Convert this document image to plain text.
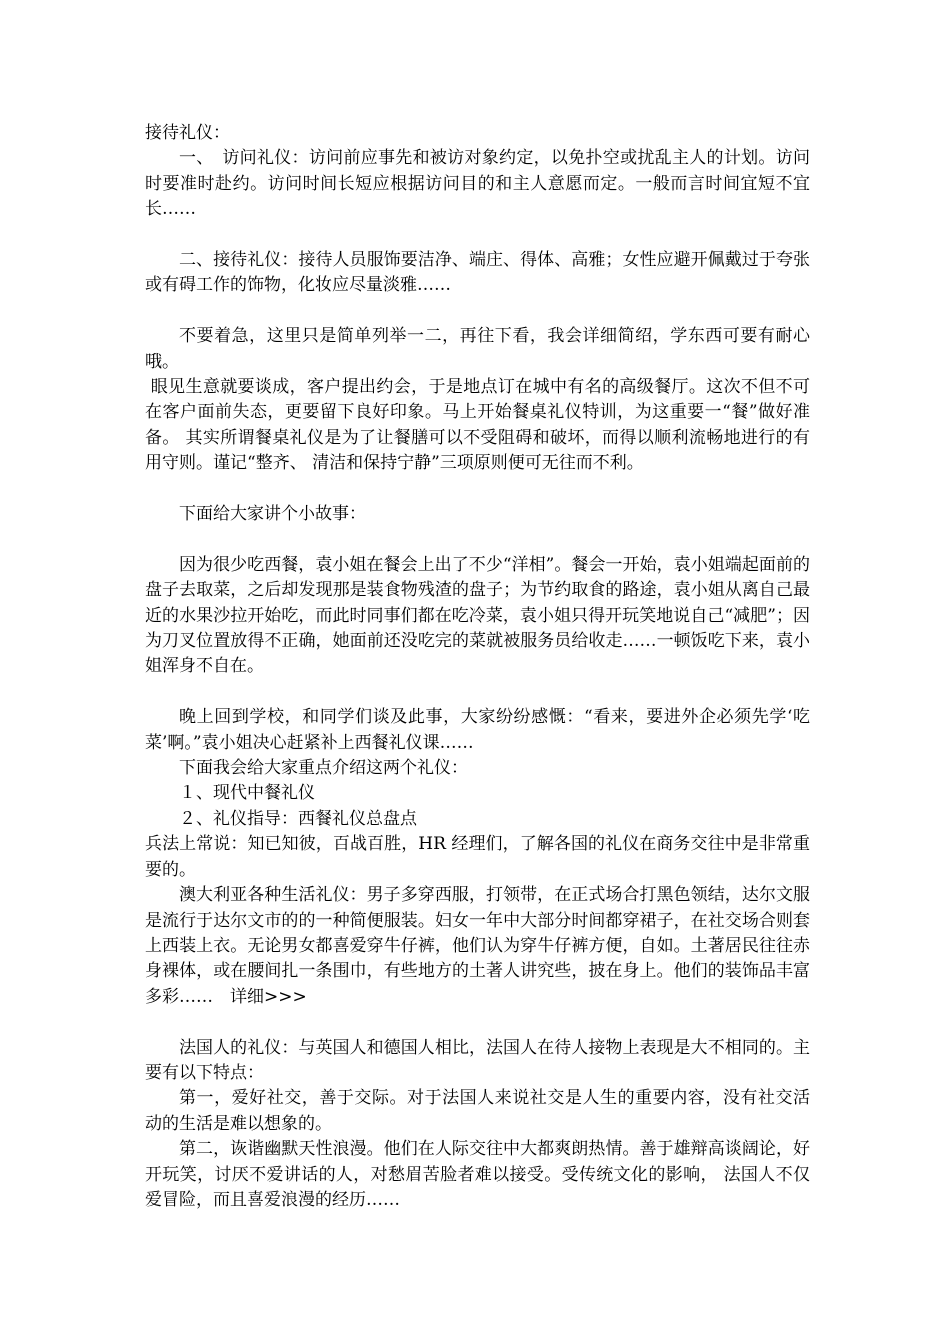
接待礼仪：

一、　访问礼仪：访问前应事先和被访对象约定，以免扑空或扰乱主人的计划。访问时要准时赴约。访问时间长短应根据访问目的和主人意愿而定。一般而言时间宜短不宜长……

二、接待礼仪：接待人员服饰要洁净、端庄、得体、高雅；女性应避开佩戴过于夸张或有碍工作的饰物，化妆应尽量淡雅……

不要着急，这里只是简单列举一二，再往下看，我会详细简绍，学东西可要有耐心哦。

眼见生意就要谈成，客户提出约会，于是地点订在城中有名的高级餐厅。这次不但不可在客户面前失态，更要留下良好印象。马上开始餐桌礼仪特训，为这重要一“餐”做好准备。 其实所谓餐桌礼仪是为了让餐膳可以不受阻碍和破坏，而得以顺利流畅地进行的有用守则。谨记“整齐、 清洁和保持宁静”三项原则便可无往而不利。

下面给大家讲个小故事：

因为很少吃西餐，袁小姐在餐会上出了不少“洋相”。餐会一开始，袁小姐端起面前的盘子去取菜，之后却发现那是装食物残渣的盘子；为节约取食的路途，袁小姐从离自己最近的水果沙拉开始吃，而此时同事们都在吃冷菜，袁小姐只得开玩笑地说自己“减肥”；因为刀叉位置放得不正确，她面前还没吃完的菜就被服务员给收走……一顿饭吃下来，袁小姐浑身不自在。

晚上回到学校，和同学们谈及此事，大家纷纷感慨：“看来，要进外企必须先学‘吃菜’啊。”袁小姐决心赶紧补上西餐礼仪课……

下面我会给大家重点介绍这两个礼仪：

１、现代中餐礼仪

２、礼仪指导：西餐礼仪总盘点

兵法上常说：知已知彼，百战百胜，HR 经理们，了解各国的礼仪在商务交往中是非常重要的。

澳大利亚各种生活礼仪：男子多穿西服，打领带，在正式场合打黑色领结，达尔文服是流行于达尔文市的的一种简便服装。妇女一年中大部分时间都穿裙子，在社交场合则套上西装上衣。无论男女都喜爱穿牛仔裤，他们认为穿牛仔裤方便，自如。土著居民往往赤身裸体，或在腰间扎一条围巾，有些地方的土著人讲究些，披在身上。他们的装饰品丰富多彩……　详细>>>

法国人的礼仪：与英国人和德国人相比，法国人在待人接物上表现是大不相同的。主要有以下特点：

第一，爱好社交，善于交际。对于法国人来说社交是人生的重要内容，没有社交活 动的生活是难以想象的。

第二，诙谐幽默天性浪漫。他们在人际交往中大都爽朗热情。善于雄辩高谈阔论，好开玩笑，讨厌不爱讲话的人，对愁眉苦脸者难以接受。受传统文化的影响， 法国人不仅爱冒险，而且喜爱浪漫的经历……
